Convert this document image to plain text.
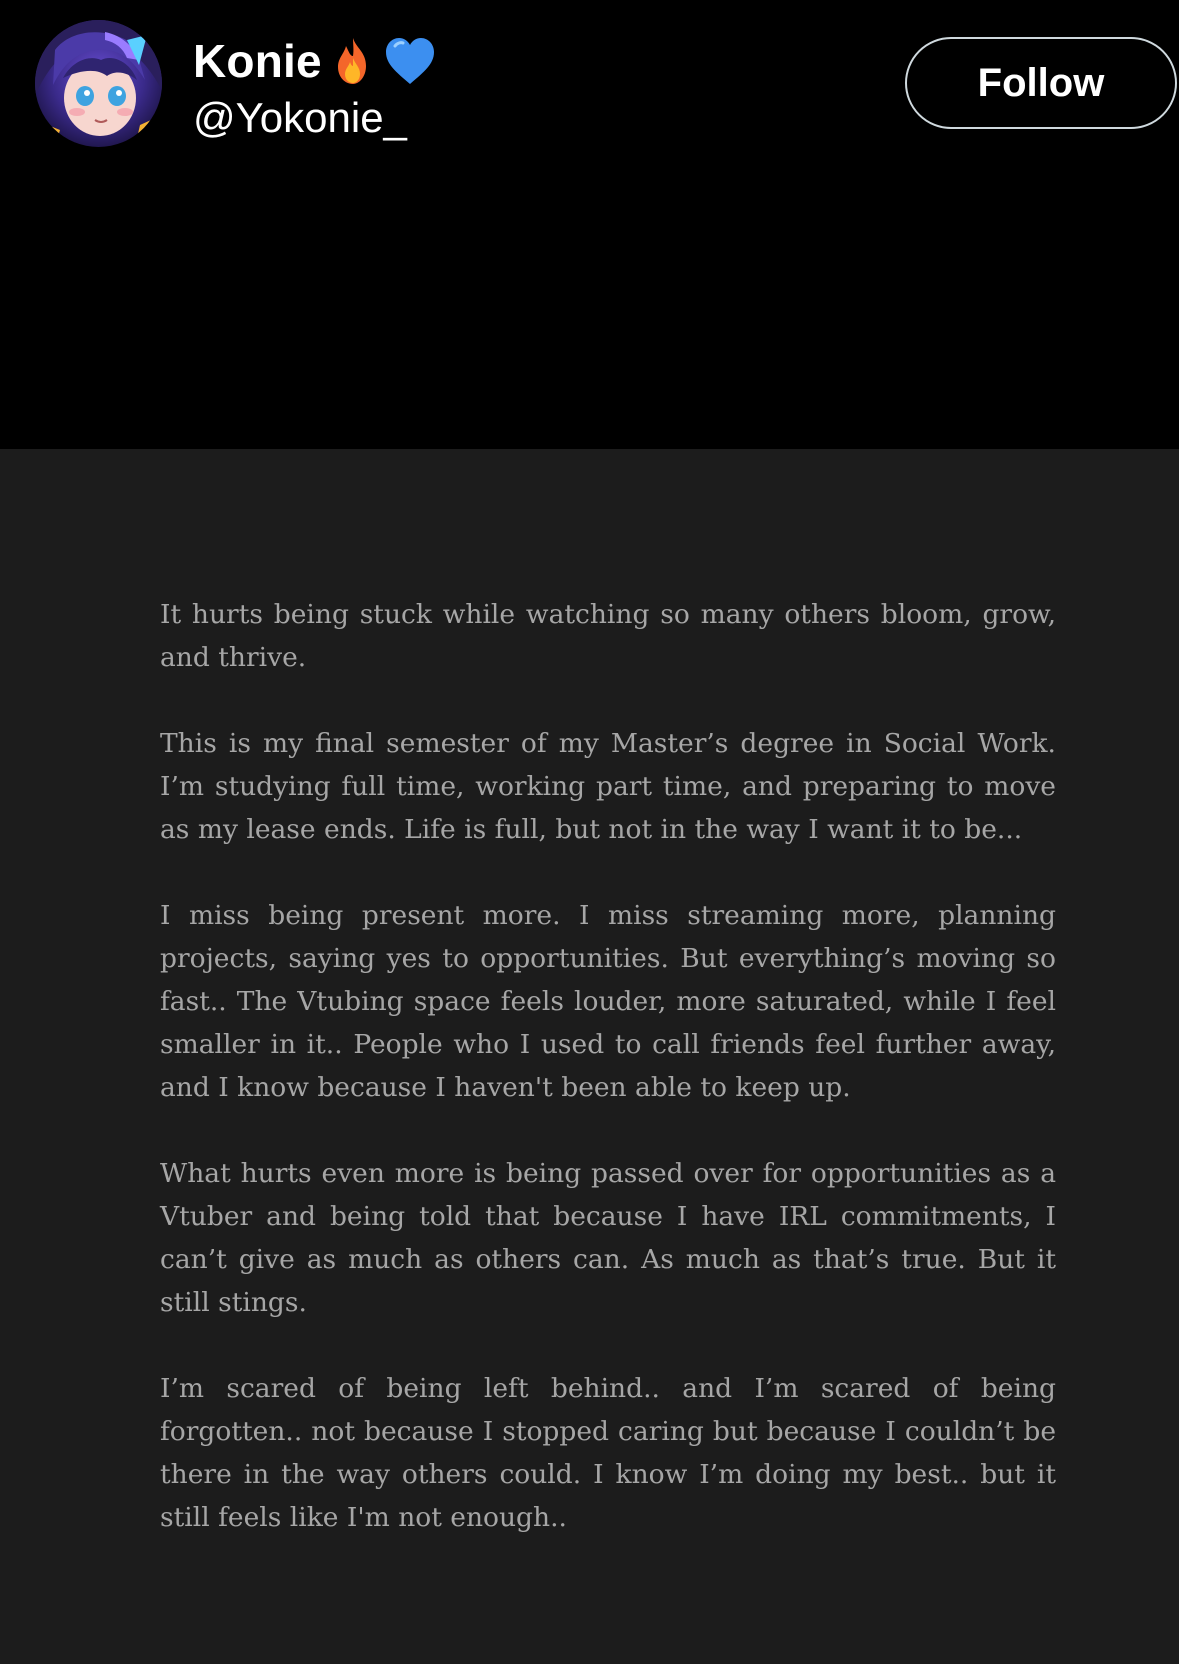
Konie
@Yokonie_
Follow

It hurts being stuck while watching so many others bloom, grow, and thrive.

This is my final semester of my Master’s degree in Social Work. I’m studying full time, working part time, and preparing to move as my lease ends. Life is full, but not in the way I want it to be...

I miss being present more. I miss streaming more, planning projects, saying yes to opportunities. But everything’s moving so fast.. The Vtubing space feels louder, more saturated, while I feel smaller in it.. People who I used to call friends feel further away, and I know because I haven't been able to keep up.

What hurts even more is being passed over for opportunities as a Vtuber and being told that because I have IRL commitments, I can’t give as much as others can. As much as that’s true. But it still stings.

I’m scared of being left behind.. and I’m scared of being forgotten.. not because I stopped caring but because I couldn’t be there in the way others could. I know I’m doing my best.. but it still feels like I'm not enough..
